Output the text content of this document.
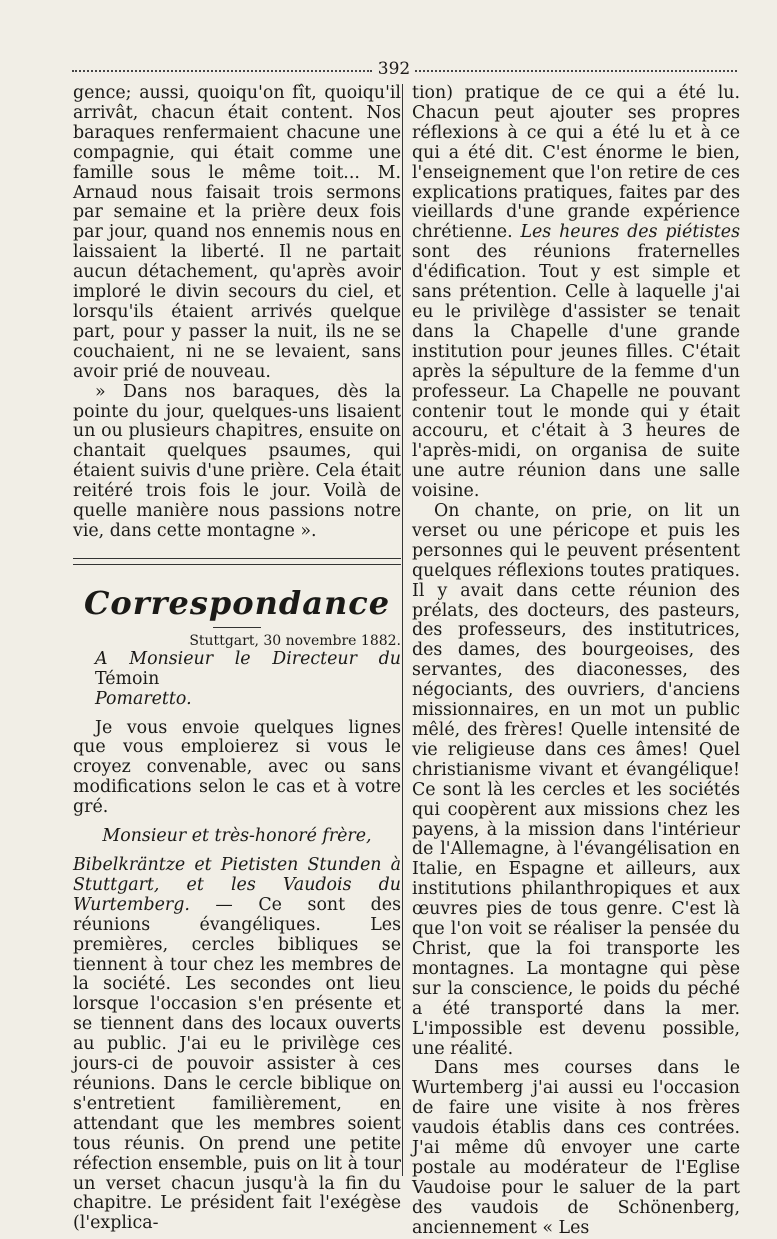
392

gence; aussi, quoiqu'on fît, quoiqu'il arrivât, chacun était content. Nos baraques renfermaient chacune une compagnie, qui était comme une famille sous le même toit... M. Arnaud nous faisait trois sermons par semaine et la prière deux fois par jour, quand nos ennemis nous en laissaient la liberté. Il ne partait aucun détachement, qu'après avoir imploré le divin secours du ciel, et lorsqu'ils étaient arrivés quelque part, pour y passer la nuit, ils ne se couchaient, ni ne se levaient, sans avoir prié de nouveau.

» Dans nos baraques, dès la pointe du jour, quelques-uns lisaient un ou plusieurs chapitres, ensuite on chantait quelques psaumes, qui étaient suivis d'une prière. Cela était reitéré trois fois le jour. Voilà de quelle manière nous passions notre vie, dans cette montagne ».

Correspondance
Stuttgart, 30 novembre 1882.

A Monsieur le Directeur du Témoin
Pomaretto.

Je vous envoie quelques lignes que vous emploierez si vous le croyez convenable, avec ou sans modifications selon le cas et à votre gré.

Monsieur et très-honoré frère,

Bibelkräntze et Pietisten Stunden à Stuttgart, et les Vaudois du Wurtemberg. — Ce sont des réunions évangéliques. Les premières, cercles bibliques se tiennent à tour chez les membres de la société. Les secondes ont lieu lorsque l'occasion s'en présente et se tiennent dans des locaux ouverts au public. J'ai eu le privilège ces jours-ci de pouvoir assister à ces réunions. Dans le cercle biblique on s'entretient familièrement, en attendant que les membres soient tous réunis. On prend une petite réfection ensemble, puis on lit à tour un verset chacun jusqu'à la fin du chapitre. Le président fait l'exégèse (l'explica-

tion) pratique de ce qui a été lu. Chacun peut ajouter ses propres réflexions à ce qui a été lu et à ce qui a été dit. C'est énorme le bien, l'enseignement que l'on retire de ces explications pratiques, faites par des vieillards d'une grande expérience chrétienne. Les heures des piétistes sont des réunions fraternelles d'édification. Tout y est simple et sans prétention. Celle à laquelle j'ai eu le privilège d'assister se tenait dans la Chapelle d'une grande institution pour jeunes filles. C'était après la sépulture de la femme d'un professeur. La Chapelle ne pouvant contenir tout le monde qui y était accouru, et c'était à 3 heures de l'après-midi, on organisa de suite une autre réunion dans une salle voisine.

On chante, on prie, on lit un verset ou une péricope et puis les personnes qui le peuvent présentent quelques réflexions toutes pratiques. Il y avait dans cette réunion des prélats, des docteurs, des pasteurs, des professeurs, des institutrices, des dames, des bourgeoises, des servantes, des diaconesses, des négociants, des ouvriers, d'anciens missionnaires, en un mot un public mêlé, des frères! Quelle intensité de vie religieuse dans ces âmes! Quel christianisme vivant et évangélique! Ce sont là les cercles et les sociétés qui coopèrent aux missions chez les payens, à la mission dans l'intérieur de l'Allemagne, à l'évangélisation en Italie, en Espagne et ailleurs, aux institutions philanthropiques et aux œuvres pies de tous genre. C'est là que l'on voit se réaliser la pensée du Christ, que la foi transporte les montagnes. La montagne qui pèse sur la conscience, le poids du péché a été transporté dans la mer. L'impossible est devenu possible, une réalité.

Dans mes courses dans le Wurtemberg j'ai aussi eu l'occasion de faire une visite à nos frères vaudois établis dans ces contrées. J'ai même dû envoyer une carte postale au modérateur de l'Eglise Vaudoise pour le saluer de la part des vaudois de Schönenberg, anciennement « Les
